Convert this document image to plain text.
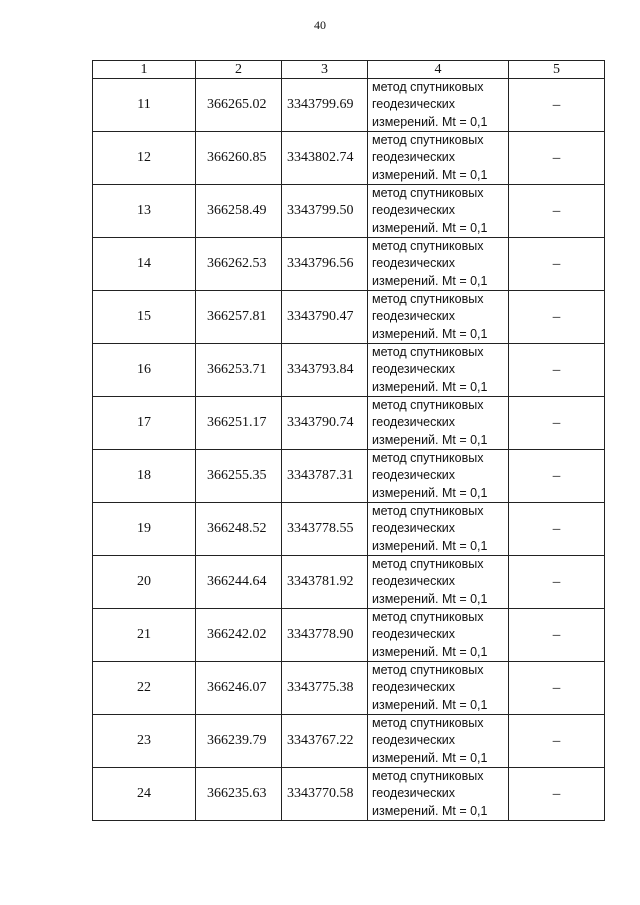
40
1	2	3	4	5
11	366265.02	3343799.69	метод спутниковых
геодезических
измерений. Mt = 0,1	–
12	366260.85	3343802.74	метод спутниковых
геодезических
измерений. Mt = 0,1	–
13	366258.49	3343799.50	метод спутниковых
геодезических
измерений. Mt = 0,1	–
14	366262.53	3343796.56	метод спутниковых
геодезических
измерений. Mt = 0,1	–
15	366257.81	3343790.47	метод спутниковых
геодезических
измерений. Mt = 0,1	–
16	366253.71	3343793.84	метод спутниковых
геодезических
измерений. Mt = 0,1	–
17	366251.17	3343790.74	метод спутниковых
геодезических
измерений. Mt = 0,1	–
18	366255.35	3343787.31	метод спутниковых
геодезических
измерений. Mt = 0,1	–
19	366248.52	3343778.55	метод спутниковых
геодезических
измерений. Mt = 0,1	–
20	366244.64	3343781.92	метод спутниковых
геодезических
измерений. Mt = 0,1	–
21	366242.02	3343778.90	метод спутниковых
геодезических
измерений. Mt = 0,1	–
22	366246.07	3343775.38	метод спутниковых
геодезических
измерений. Mt = 0,1	–
23	366239.79	3343767.22	метод спутниковых
геодезических
измерений. Mt = 0,1	–
24	366235.63	3343770.58	метод спутниковых
геодезических
измерений. Mt = 0,1	–
